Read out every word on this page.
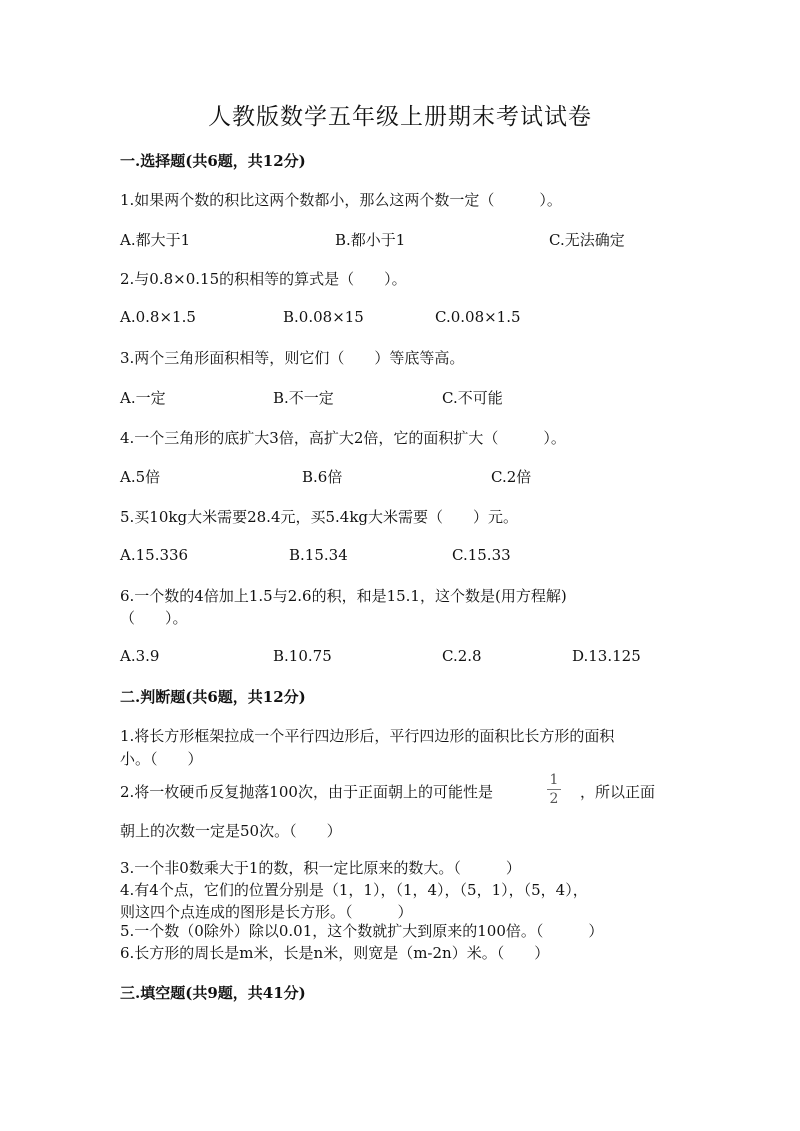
人教版数学五年级上册期末考试试卷
一.选择题(共6题，共12分)
1.如果两个数的积比这两个数都小，那么这两个数一定（　　　）。
A.都大于1	B.都小于1	C.无法确定
2.与0.8×0.15的积相等的算式是（　　）。
A.0.8×1.5	B.0.08×15	C.0.08×1.5
3.两个三角形面积相等，则它们（　　）等底等高。
A.一定	B.不一定	C.不可能
4.一个三角形的底扩大3倍，高扩大2倍，它的面积扩大（　　　）。
A.5倍	B.6倍	C.2倍
5.买10kg大米需要28.4元，买5.4kg大米需要（　　）元。
A.15.336	B.15.34	C.15.33
6.一个数的4倍加上1.5与2.6的积，和是15.1，这个数是(用方程解)
（　　）。
A.3.9	B.10.75	C.2.8	D.13.125
二.判断题(共6题，共12分)
1.将长方形框架拉成一个平行四边形后，平行四边形的面积比长方形的面积
小。（　　）
2.将一枚硬币反复抛落100次，由于正面朝上的可能性是
1
2 ，所以正面
朝上的次数一定是50次。（　　）
3.一个非0数乘大于1的数，积一定比原来的数大。（　　　）
4.有4个点，它们的位置分别是（1，1），（1，4），（5，1），（5，4），
则这四个点连成的图形是长方形。（　　　）
5.一个数（0除外）除以0.01，这个数就扩大到原来的100倍。（　　　）
6.长方形的周长是m米，长是n米，则宽是（m-2n）米。（　　）
三.填空题(共9题，共41分)
